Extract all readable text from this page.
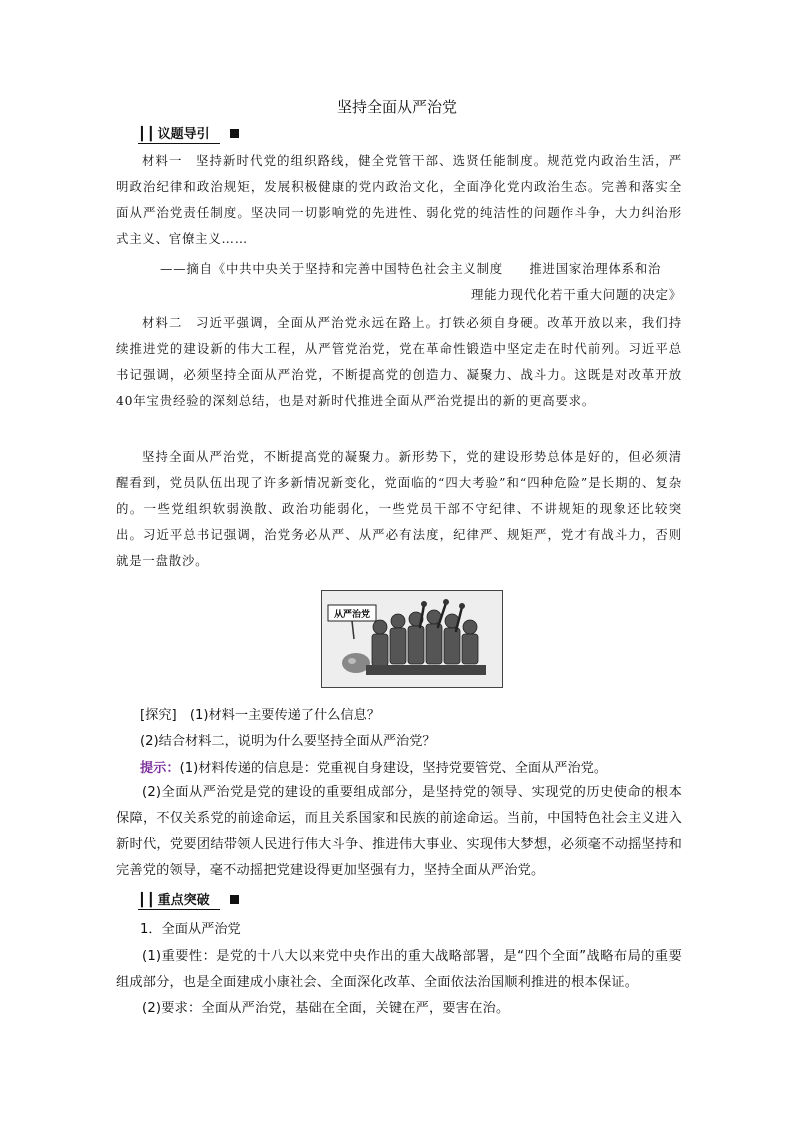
坚持全面从严治党
┃┃ 议题导引
材料一　坚持新时代党的组织路线，健全党管干部、选贤任能制度。规范党内政治生活，严明政治纪律和政治规矩，发展积极健康的党内政治文化，全面净化党内政治生态。完善和落实全面从严治党责任制度。坚决同一切影响党的先进性、弱化党的纯洁性的问题作斗争，大力纠治形式主义、官僚主义……
——摘自《中共中央关于坚持和完善中国特色社会主义制度　　推进国家治理体系和治
理能力现代化若干重大问题的决定》
材料二　习近平强调，全面从严治党永远在路上。打铁必须自身硬。改革开放以来，我们持续推进党的建设新的伟大工程，从严管党治党，党在革命性锻造中坚定走在时代前列。习近平总书记强调，必须坚持全面从严治党，不断提高党的创造力、凝聚力、战斗力。这既是对改革开放40年宝贵经验的深刻总结，也是对新时代推进全面从严治党提出的新的更高要求。
坚持全面从严治党，不断提高党的凝聚力。新形势下，党的建设形势总体是好的，但必须清醒看到，党员队伍出现了许多新情况新变化，党面临的“四大考验”和“四种危险”是长期的、复杂的。一些党组织软弱涣散、政治功能弱化，一些党员干部不守纪律、不讲规矩的现象还比较突出。习近平总书记强调，治党务必从严、从严必有法度，纪律严、规矩严，党才有战斗力，否则就是一盘散沙。
从严治党
[探究]　(1)材料一主要传递了什么信息？
(2)结合材料二，说明为什么要坚持全面从严治党？
提示：(1)材料传递的信息是：党重视自身建设，坚持党要管党、全面从严治党。
(2)全面从严治党是党的建设的重要组成部分，是坚持党的领导、实现党的历史使命的根本保障，不仅关系党的前途命运，而且关系国家和民族的前途命运。当前，中国特色社会主义进入新时代，党要团结带领人民进行伟大斗争、推进伟大事业、实现伟大梦想，必须毫不动摇坚持和完善党的领导，毫不动摇把党建设得更加坚强有力，坚持全面从严治党。
┃┃ 重点突破
1．全面从严治党
(1)重要性：是党的十八大以来党中央作出的重大战略部署，是“四个全面”战略布局的重要组成部分，也是全面建成小康社会、全面深化改革、全面依法治国顺利推进的根本保证。
(2)要求：全面从严治党，基础在全面，关键在严，要害在治。
